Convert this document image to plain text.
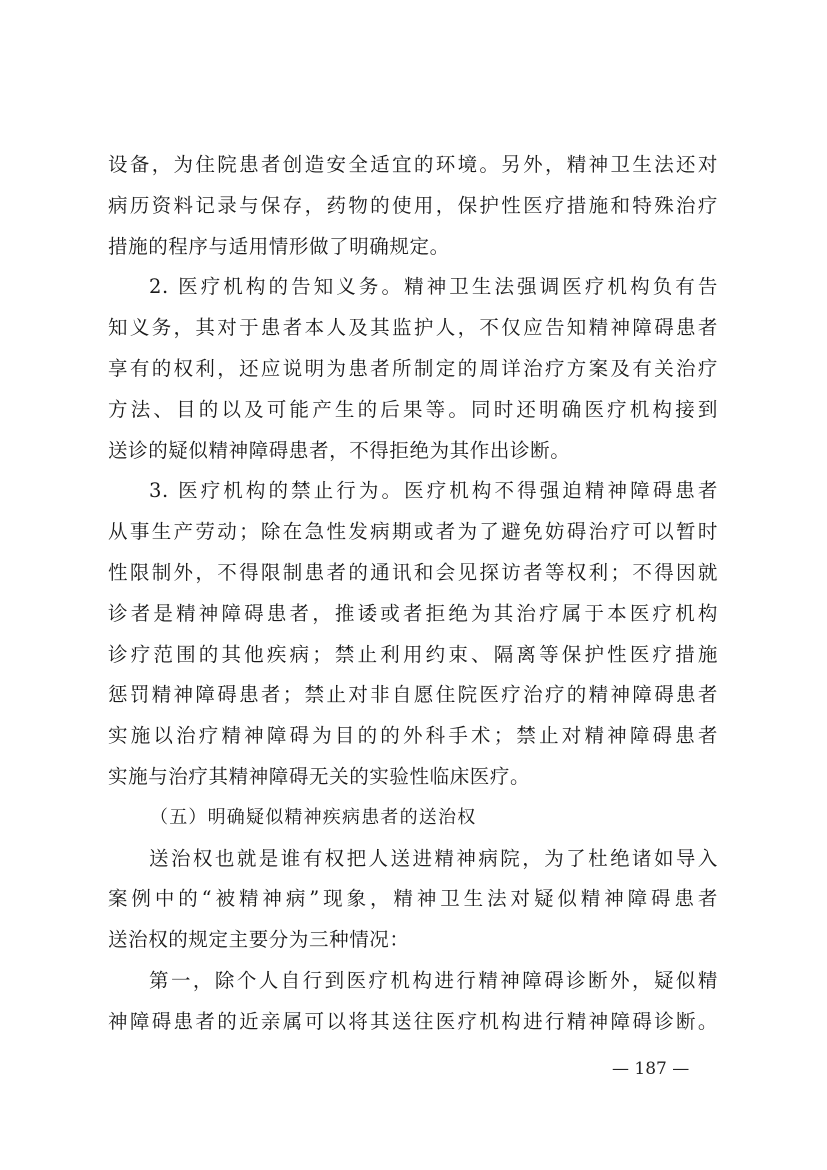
设备，为住院患者创造安全适宜的环境。另外，精神卫生法还对
病历资料记录与保存，药物的使用，保护性医疗措施和特殊治疗
措施的程序与适用情形做了明确规定。
2. 医疗机构的告知义务。精神卫生法强调医疗机构负有告
知义务，其对于患者本人及其监护人，不仅应告知精神障碍患者
享有的权利，还应说明为患者所制定的周详治疗方案及有关治疗
方法、目的以及可能产生的后果等。同时还明确医疗机构接到
送诊的疑似精神障碍患者，不得拒绝为其作出诊断。
3. 医疗机构的禁止行为。医疗机构不得强迫精神障碍患者
从事生产劳动；除在急性发病期或者为了避免妨碍治疗可以暂时
性限制外，不得限制患者的通讯和会见探访者等权利；不得因就
诊者是精神障碍患者，推诿或者拒绝为其治疗属于本医疗机构
诊疗范围的其他疾病；禁止利用约束、隔离等保护性医疗措施
惩罚精神障碍患者；禁止对非自愿住院医疗治疗的精神障碍患者
实施以治疗精神障碍为目的的外科手术；禁止对精神障碍患者
实施与治疗其精神障碍无关的实验性临床医疗。
（五）明确疑似精神疾病患者的送治权
送治权也就是谁有权把人送进精神病院，为了杜绝诸如导入
案例中的“被精神病”现象，精神卫生法对疑似精神障碍患者
送治权的规定主要分为三种情况：
第一，除个人自行到医疗机构进行精神障碍诊断外，疑似精
神障碍患者的近亲属可以将其送往医疗机构进行精神障碍诊断。
— 187 —
